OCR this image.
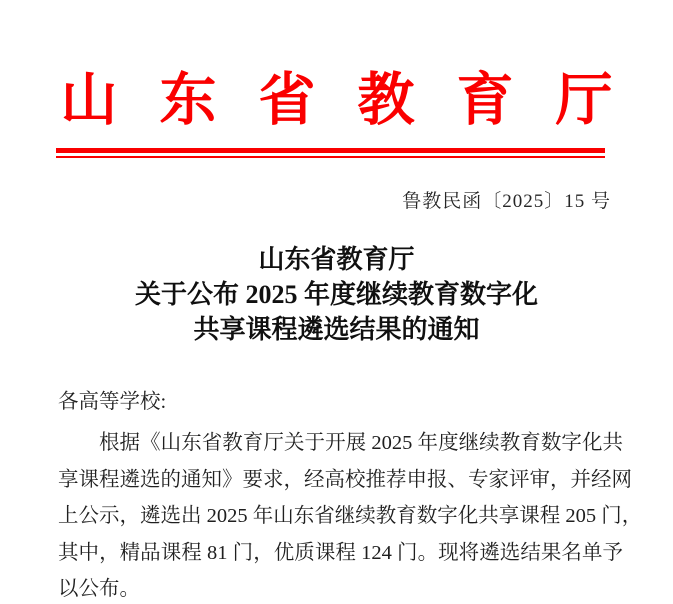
山东省教育厅
鲁教民函〔2025〕15 号
山东省教育厅
关于公布 2025 年度继续教育数字化
共享课程遴选结果的通知
各高等学校:
根据《山东省教育厅关于开展 2025 年度继续教育数字化共
享课程遴选的通知》要求，经高校推荐申报、专家评审，并经网
上公示，遴选出 2025 年山东省继续教育数字化共享课程 205 门，
其中，精品课程 81 门，优质课程 124 门。现将遴选结果名单予
以公布。
